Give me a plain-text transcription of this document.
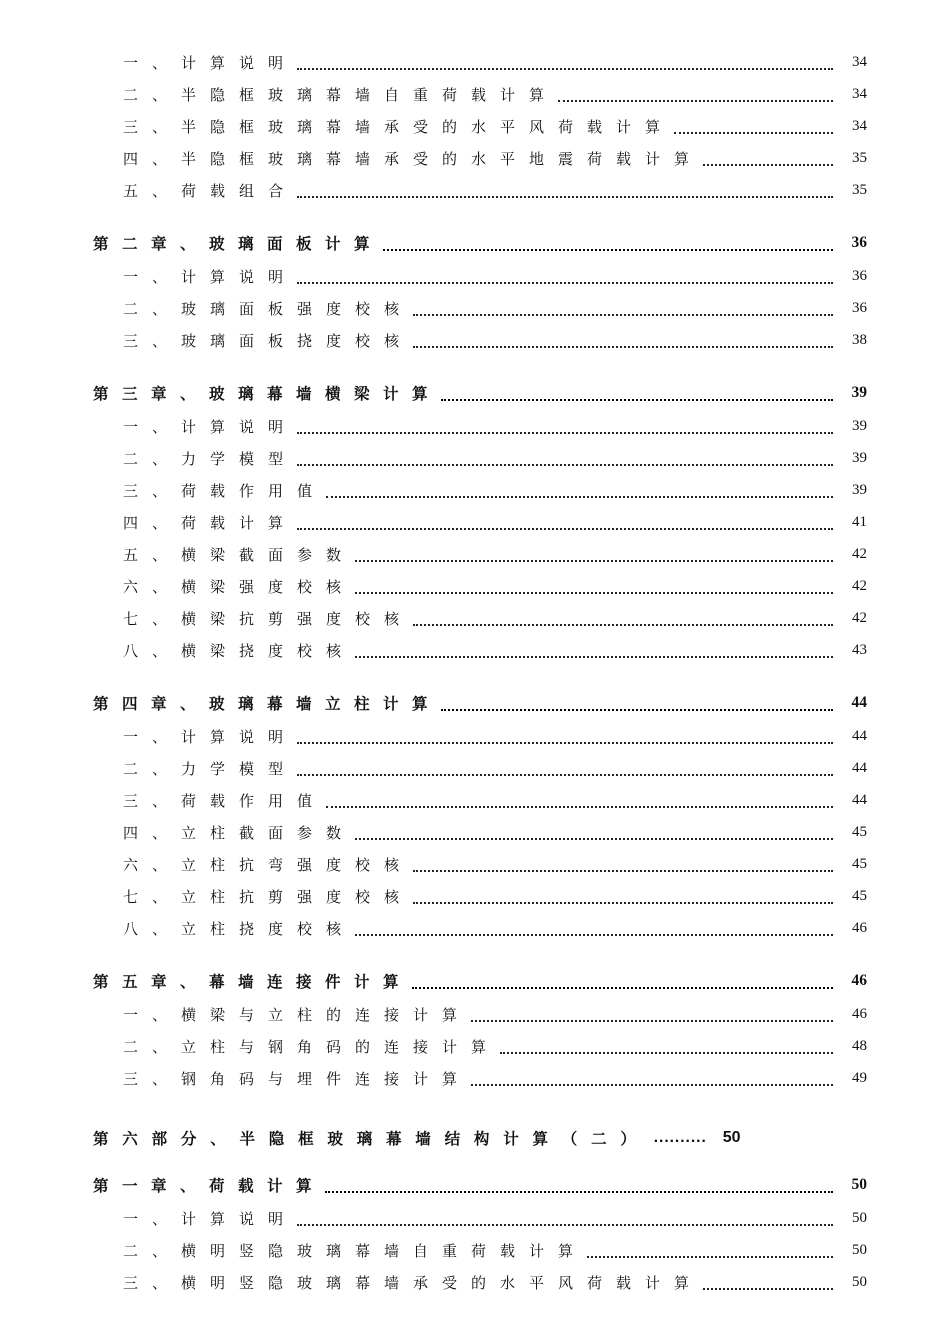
一、计算说明	34
二、半隐框玻璃幕墙自重荷载计算	34
三、半隐框玻璃幕墙承受的水平风荷载计算	34
四、半隐框玻璃幕墙承受的水平地震荷载计算	35
五、荷载组合	35
第二章、玻璃面板计算	36
一、计算说明	36
二、玻璃面板强度校核	36
三、玻璃面板挠度校核	38
第三章、玻璃幕墙横梁计算	39
一、计算说明	39
二、力学模型	39
三、荷载作用值	39
四、荷载计算	41
五、横梁截面参数	42
六、横梁强度校核	42
七、横梁抗剪强度校核	42
八、横梁挠度校核	43
第四章、玻璃幕墙立柱计算	44
一、计算说明	44
二、力学模型	44
三、荷载作用值	44
四、立柱截面参数	45
六、立柱抗弯强度校核	45
七、立柱抗剪强度校核	45
八、立柱挠度校核	46
第五章、幕墙连接件计算	46
一、横梁与立柱的连接计算	46
二、立柱与钢角码的连接计算	48
三、钢角码与埋件连接计算	49
第六部分、半隐框玻璃幕墙结构计算（二） .......... 50
第一章、荷载计算	50
一、计算说明	50
二、横明竖隐玻璃幕墙自重荷载计算	50
三、横明竖隐玻璃幕墙承受的水平风荷载计算	50
